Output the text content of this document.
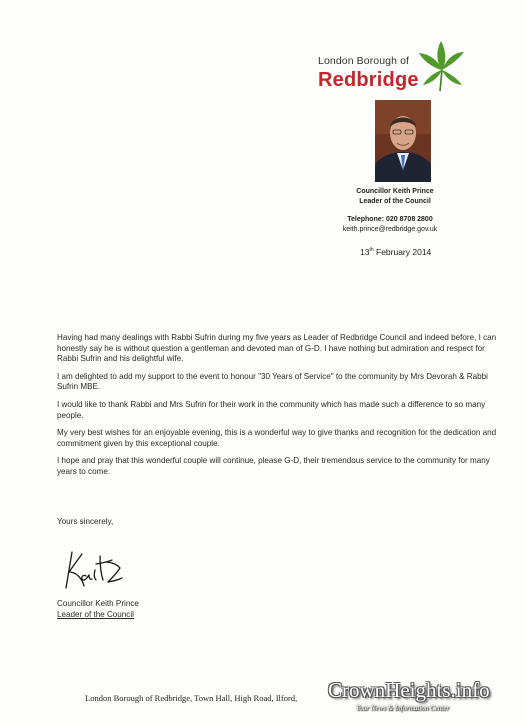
London Borough of
Redbridge
Councillor Keith Prince
Leader of the Council
Telephone: 020 8708 2800
keith.prince@redbridge.gov.uk
13th February 2014

Having had many dealings with Rabbi Sufrin during my five years as Leader of Redbridge Council and indeed before, I can honestly say he is without question a gentleman and devoted man of G-D. I have nothing but admiration and respect for Rabbi Sufrin and his delightful wife.

I am delighted to add my support to the event to honour "30 Years of Service" to the community by Mrs Devorah & Rabbi Sufrin MBE.

I would like to thank Rabbi and Mrs Sufrin for their work in the community which has made such a difference to so many people.

My very best wishes for an enjoyable evening, this is a wonderful way to give thanks and recognition for the dedication and commitment given by this exceptional couple.

I hope and pray that this wonderful couple will continue, please G-D, their tremendous service to the community for many years to come.

Yours sincerely,
Councillor Keith Prince
Leader of the Council
London Borough of Redbridge, Town Hall, High Road, Ilford, CrownHeights.info
Your News & Information Center
